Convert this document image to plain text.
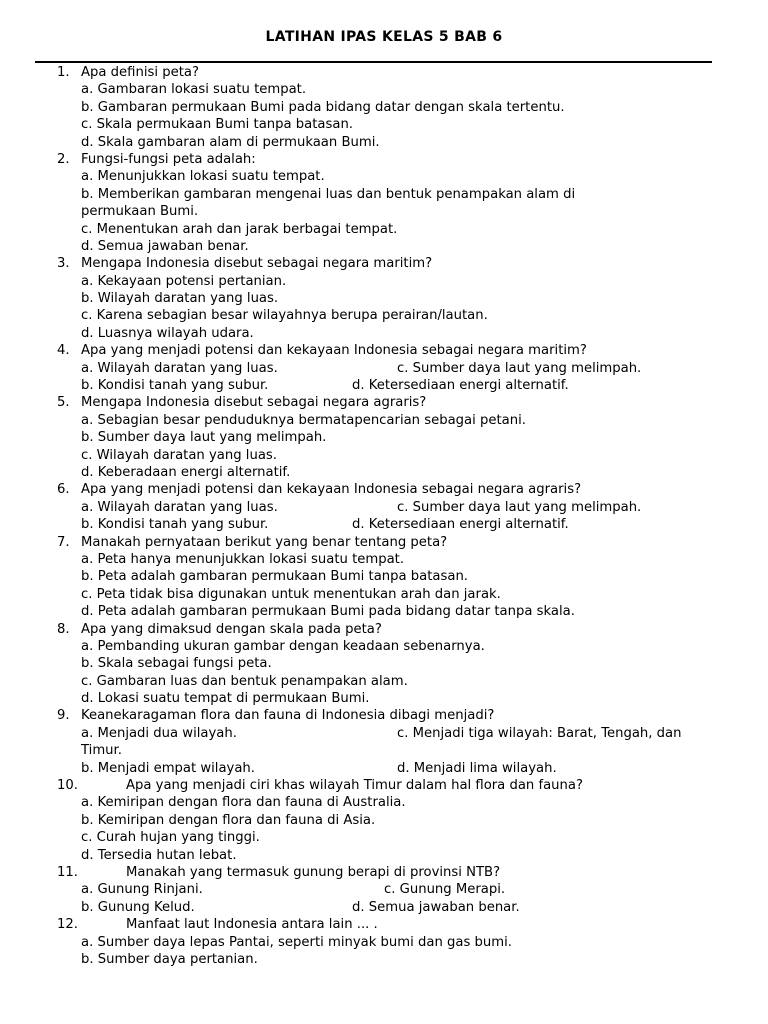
LATIHAN IPAS KELAS 5 BAB 6
1. Apa definisi peta?
a. Gambaran lokasi suatu tempat.
b. Gambaran permukaan Bumi pada bidang datar dengan skala tertentu.
c. Skala permukaan Bumi tanpa batasan.
d. Skala gambaran alam di permukaan Bumi.
2. Fungsi-fungsi peta adalah:
a. Menunjukkan lokasi suatu tempat.
b. Memberikan gambaran mengenai luas dan bentuk penampakan alam di
permukaan Bumi.
c. Menentukan arah dan jarak berbagai tempat.
d. Semua jawaban benar.
3. Mengapa Indonesia disebut sebagai negara maritim?
a. Kekayaan potensi pertanian.
b. Wilayah daratan yang luas.
c. Karena sebagian besar wilayahnya berupa perairan/lautan.
d. Luasnya wilayah udara.
4. Apa yang menjadi potensi dan kekayaan Indonesia sebagai negara maritim?
a. Wilayah daratan yang luas.	c. Sumber daya laut yang melimpah.
b. Kondisi tanah yang subur.	d. Ketersediaan energi alternatif.
5. Mengapa Indonesia disebut sebagai negara agraris?
a. Sebagian besar penduduknya bermatapencarian sebagai petani.
b. Sumber daya laut yang melimpah.
c. Wilayah daratan yang luas.
d. Keberadaan energi alternatif.
6. Apa yang menjadi potensi dan kekayaan Indonesia sebagai negara agraris?
a. Wilayah daratan yang luas.	c. Sumber daya laut yang melimpah.
b. Kondisi tanah yang subur.	d. Ketersediaan energi alternatif.
7. Manakah pernyataan berikut yang benar tentang peta?
a. Peta hanya menunjukkan lokasi suatu tempat.
b. Peta adalah gambaran permukaan Bumi tanpa batasan.
c. Peta tidak bisa digunakan untuk menentukan arah dan jarak.
d. Peta adalah gambaran permukaan Bumi pada bidang datar tanpa skala.
8. Apa yang dimaksud dengan skala pada peta?
a. Pembanding ukuran gambar dengan keadaan sebenarnya.
b. Skala sebagai fungsi peta.
c. Gambaran luas dan bentuk penampakan alam.
d. Lokasi suatu tempat di permukaan Bumi.
9. Keanekaragaman flora dan fauna di Indonesia dibagi menjadi?
a. Menjadi dua wilayah.	c. Menjadi tiga wilayah: Barat, Tengah, dan
Timur.
b. Menjadi empat wilayah.	d. Menjadi lima wilayah.
10.	Apa yang menjadi ciri khas wilayah Timur dalam hal flora dan fauna?
a. Kemiripan dengan flora dan fauna di Australia.
b. Kemiripan dengan flora dan fauna di Asia.
c. Curah hujan yang tinggi.
d. Tersedia hutan lebat.
11.	Manakah yang termasuk gunung berapi di provinsi NTB?
a. Gunung Rinjani.	c. Gunung Merapi.
b. Gunung Kelud.	d. Semua jawaban benar.
12.	Manfaat laut Indonesia antara lain ... .
a. Sumber daya lepas Pantai, seperti minyak bumi dan gas bumi.
b. Sumber daya pertanian.
